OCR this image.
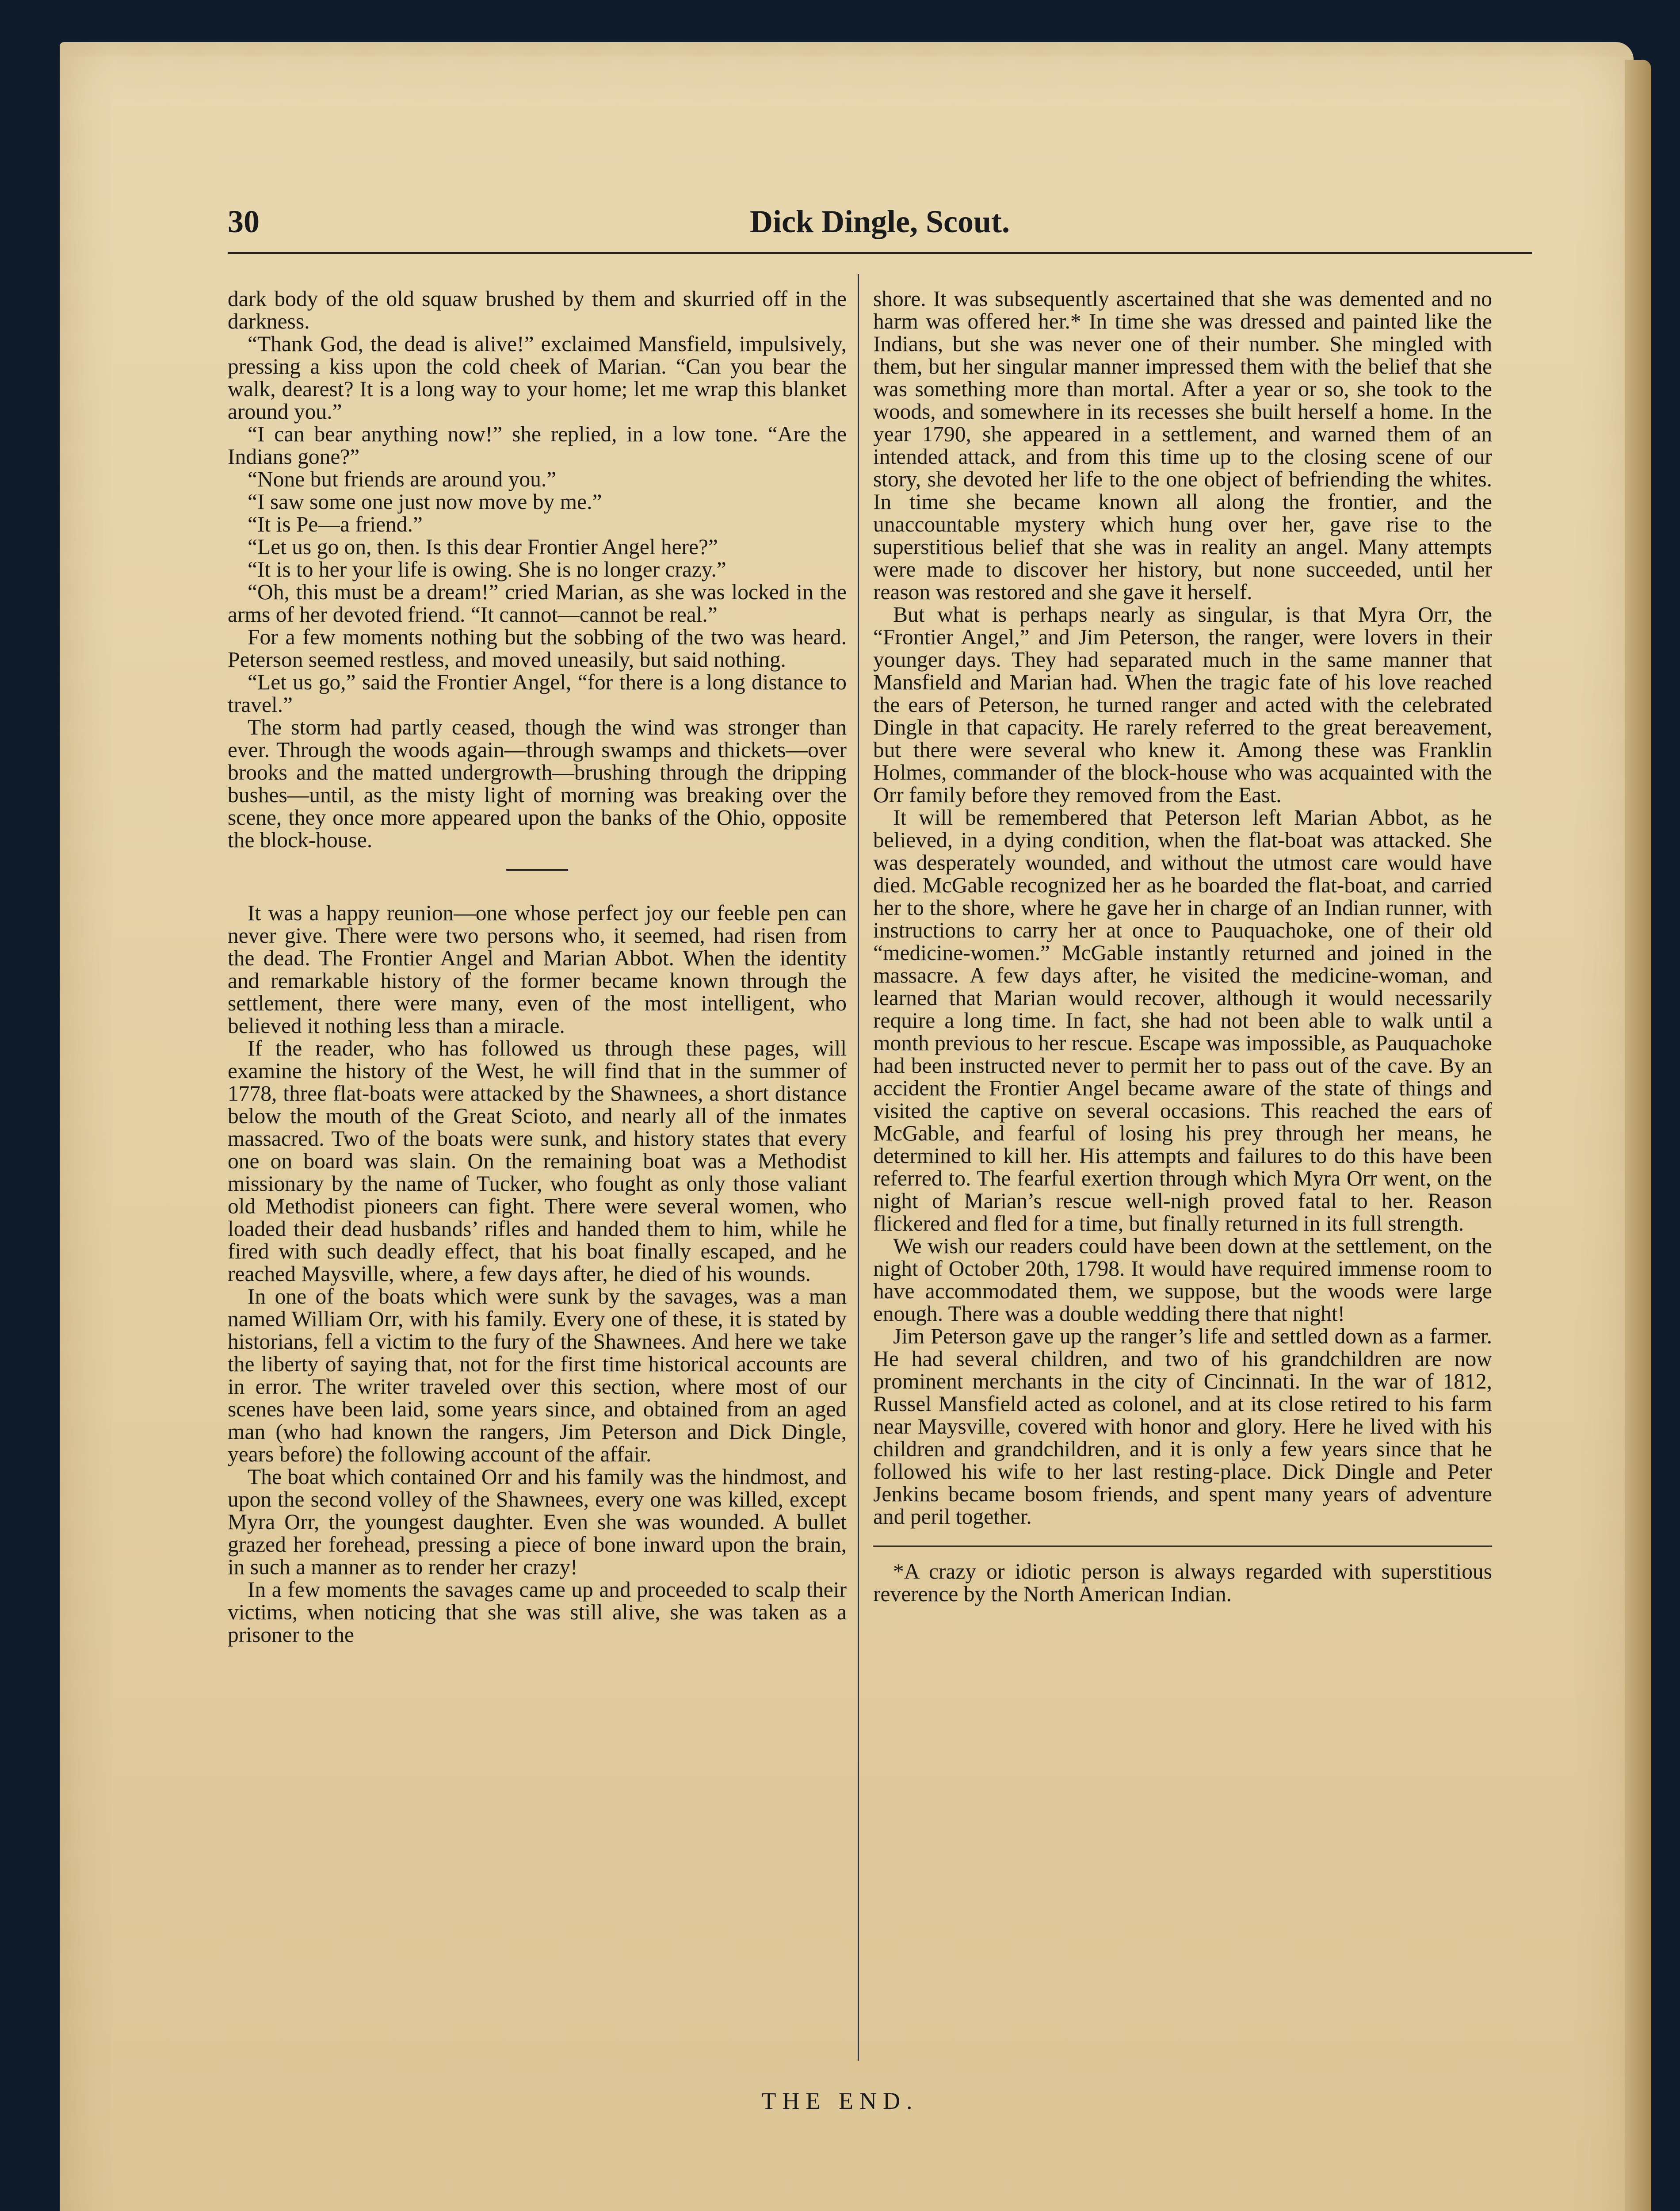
30	Dick Dingle, Scout.

dark body of the old squaw brushed by them and skurried off in the darkness.

“Thank God, the dead is alive!” exclaimed Mansfield, impulsively, pressing a kiss upon the cold cheek of Marian. “Can you bear the walk, dearest? It is a long way to your home; let me wrap this blanket around you.”

“I can bear anything now!” she replied, in a low tone. “Are the Indians gone?”

“None but friends are around you.”

“I saw some one just now move by me.”

“It is Pe—a friend.”

“Let us go on, then. Is this dear Frontier Angel here?”

“It is to her your life is owing. She is no longer crazy.”

“Oh, this must be a dream!” cried Marian, as she was locked in the arms of her devoted friend. “It cannot—cannot be real.”

For a few moments nothing but the sobbing of the two was heard. Peterson seemed restless, and moved uneasily, but said nothing.

“Let us go,” said the Frontier Angel, “for there is a long distance to travel.”

The storm had partly ceased, though the wind was stronger than ever. Through the woods again—through swamps and thickets—over brooks and the matted undergrowth—brushing through the dripping bushes—until, as the misty light of morning was breaking over the scene, they once more appeared upon the banks of the Ohio, opposite the block-house.

It was a happy reunion—one whose perfect joy our feeble pen can never give. There were two persons who, it seemed, had risen from the dead. The Frontier Angel and Marian Abbot. When the identity and remarkable history of the former became known through the settlement, there were many, even of the most intelligent, who believed it nothing less than a miracle.

If the reader, who has followed us through these pages, will examine the history of the West, he will find that in the summer of 1778, three flat-boats were attacked by the Shawnees, a short distance below the mouth of the Great Scioto, and nearly all of the inmates massacred. Two of the boats were sunk, and history states that every one on board was slain. On the remaining boat was a Methodist missionary by the name of Tucker, who fought as only those valiant old Methodist pioneers can fight. There were several women, who loaded their dead husbands’ rifles and handed them to him, while he fired with such deadly effect, that his boat finally escaped, and he reached Maysville, where, a few days after, he died of his wounds.

In one of the boats which were sunk by the savages, was a man named William Orr, with his family. Every one of these, it is stated by historians, fell a victim to the fury of the Shawnees. And here we take the liberty of saying that, not for the first time historical accounts are in error. The writer traveled over this section, where most of our scenes have been laid, some years since, and obtained from an aged man (who had known the rangers, Jim Peterson and Dick Dingle, years before) the following account of the affair.

The boat which contained Orr and his family was the hindmost, and upon the second volley of the Shawnees, every one was killed, except Myra Orr, the youngest daughter. Even she was wounded. A bullet grazed her forehead, pressing a piece of bone inward upon the brain, in such a manner as to render her crazy!

In a few moments the savages came up and proceeded to scalp their victims, when noticing that she was still alive, she was taken as a prisoner to the

shore. It was subsequently ascertained that she was demented and no harm was offered her.* In time she was dressed and painted like the Indians, but she was never one of their number. She mingled with them, but her singular manner impressed them with the belief that she was something more than mortal. After a year or so, she took to the woods, and somewhere in its recesses she built herself a home. In the year 1790, she appeared in a settlement, and warned them of an intended attack, and from this time up to the closing scene of our story, she devoted her life to the one object of befriending the whites. In time she became known all along the frontier, and the unaccountable mystery which hung over her, gave rise to the superstitious belief that she was in reality an angel. Many attempts were made to discover her history, but none succeeded, until her reason was restored and she gave it herself.

But what is perhaps nearly as singular, is that Myra Orr, the “Frontier Angel,” and Jim Peterson, the ranger, were lovers in their younger days. They had separated much in the same manner that Mansfield and Marian had. When the tragic fate of his love reached the ears of Peterson, he turned ranger and acted with the celebrated Dingle in that capacity. He rarely referred to the great bereavement, but there were several who knew it. Among these was Franklin Holmes, commander of the block-house who was acquainted with the Orr family before they removed from the East.

It will be remembered that Peterson left Marian Abbot, as he believed, in a dying condition, when the flat-boat was attacked. She was desperately wounded, and without the utmost care would have died. McGable recognized her as he boarded the flat-boat, and carried her to the shore, where he gave her in charge of an Indian runner, with instructions to carry her at once to Pauquachoke, one of their old “medicine-women.” McGable instantly returned and joined in the massacre. A few days after, he visited the medicine-woman, and learned that Marian would recover, although it would necessarily require a long time. In fact, she had not been able to walk until a month previous to her rescue. Escape was impossible, as Pauquachoke had been instructed never to permit her to pass out of the cave. By an accident the Frontier Angel became aware of the state of things and visited the captive on several occasions. This reached the ears of McGable, and fearful of losing his prey through her means, he determined to kill her. His attempts and failures to do this have been referred to. The fearful exertion through which Myra Orr went, on the night of Marian’s rescue well-nigh proved fatal to her. Reason flickered and fled for a time, but finally returned in its full strength.

We wish our readers could have been down at the settlement, on the night of October 20th, 1798. It would have required immense room to have accommodated them, we suppose, but the woods were large enough. There was a double wedding there that night!

Jim Peterson gave up the ranger’s life and settled down as a farmer. He had several children, and two of his grandchildren are now prominent merchants in the city of Cincinnati. In the war of 1812, Russel Mansfield acted as colonel, and at its close retired to his farm near Maysville, covered with honor and glory. Here he lived with his children and grandchildren, and it is only a few years since that he followed his wife to her last resting-place. Dick Dingle and Peter Jenkins became bosom friends, and spent many years of adventure and peril together.

*A crazy or idiotic person is always regarded with superstitious reverence by the North American Indian.

THE END.
